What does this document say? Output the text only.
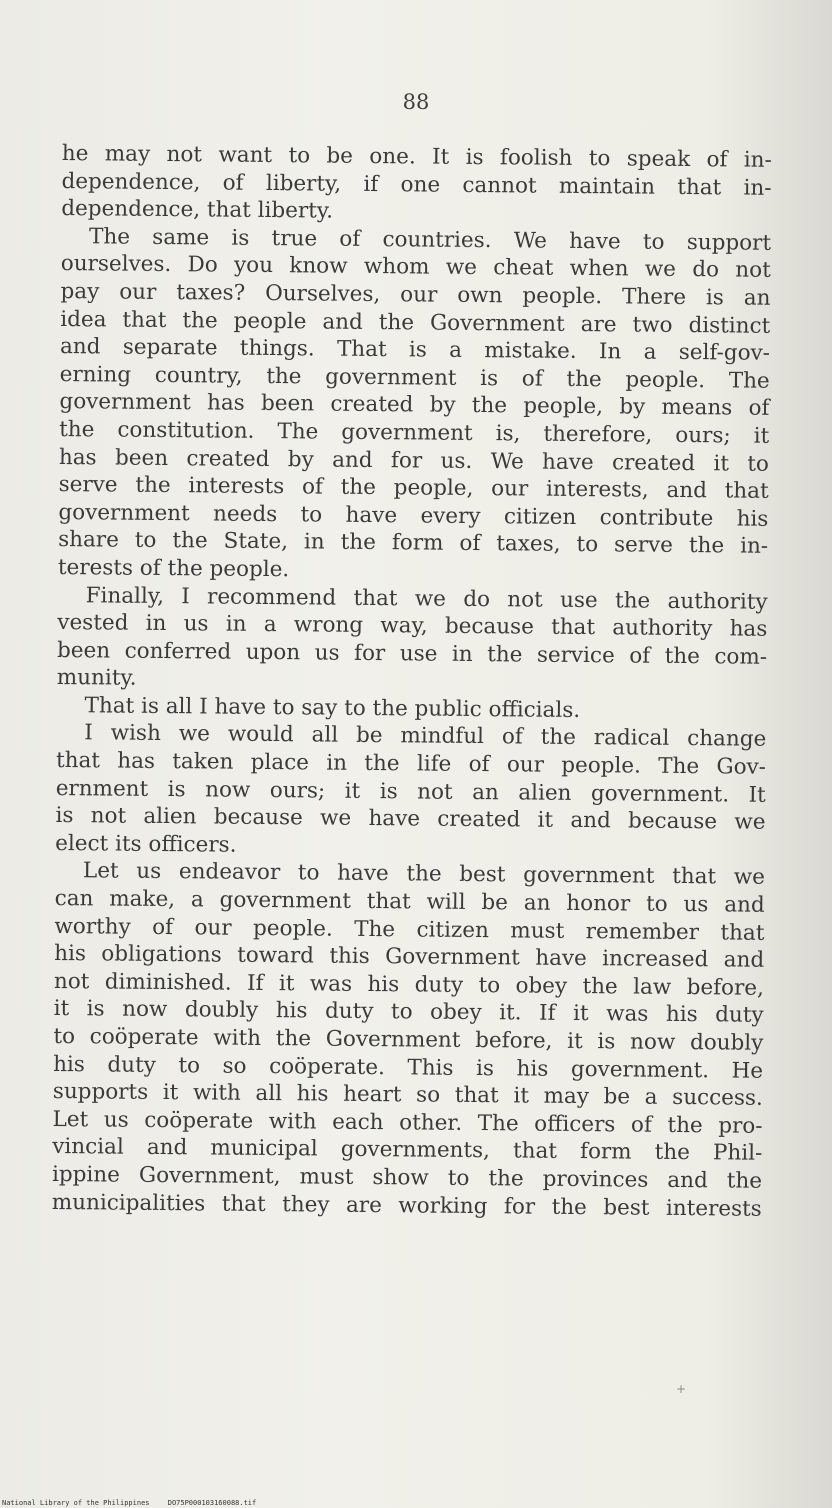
88
he may not want to be one. It is foolish to speak of in-
dependence, of liberty, if one cannot maintain that in-
dependence, that liberty.
The same is true of countries. We have to support
ourselves. Do you know whom we cheat when we do not
pay our taxes? Ourselves, our own people. There is an
idea that the people and the Government are two distinct
and separate things. That is a mistake. In a self-gov-
erning country, the government is of the people. The
government has been created by the people, by means of
the constitution. The government is, therefore, ours; it
has been created by and for us. We have created it to
serve the interests of the people, our interests, and that
government needs to have every citizen contribute his
share to the State, in the form of taxes, to serve the in-
terests of the people.
Finally, I recommend that we do not use the authority
vested in us in a wrong way, because that authority has
been conferred upon us for use in the service of the com-
munity.
That is all I have to say to the public officials.
I wish we would all be mindful of the radical change
that has taken place in the life of our people. The Gov-
ernment is now ours; it is not an alien government. It
is not alien because we have created it and because we
elect its officers.
Let us endeavor to have the best government that we
can make, a government that will be an honor to us and
worthy of our people. The citizen must remember that
his obligations toward this Government have increased and
not diminished. If it was his duty to obey the law before,
it is now doubly his duty to obey it. If it was his duty
to coöperate with the Government before, it is now doubly
his duty to so coöperate. This is his government. He
supports it with all his heart so that it may be a success.
Let us coöperate with each other. The officers of the pro-
vincial and municipal governments, that form the Phil-
ippine Government, must show to the provinces and the
municipalities that they are working for the best interests
+
National Library of the Philippines	DO75P000103160088.tif
